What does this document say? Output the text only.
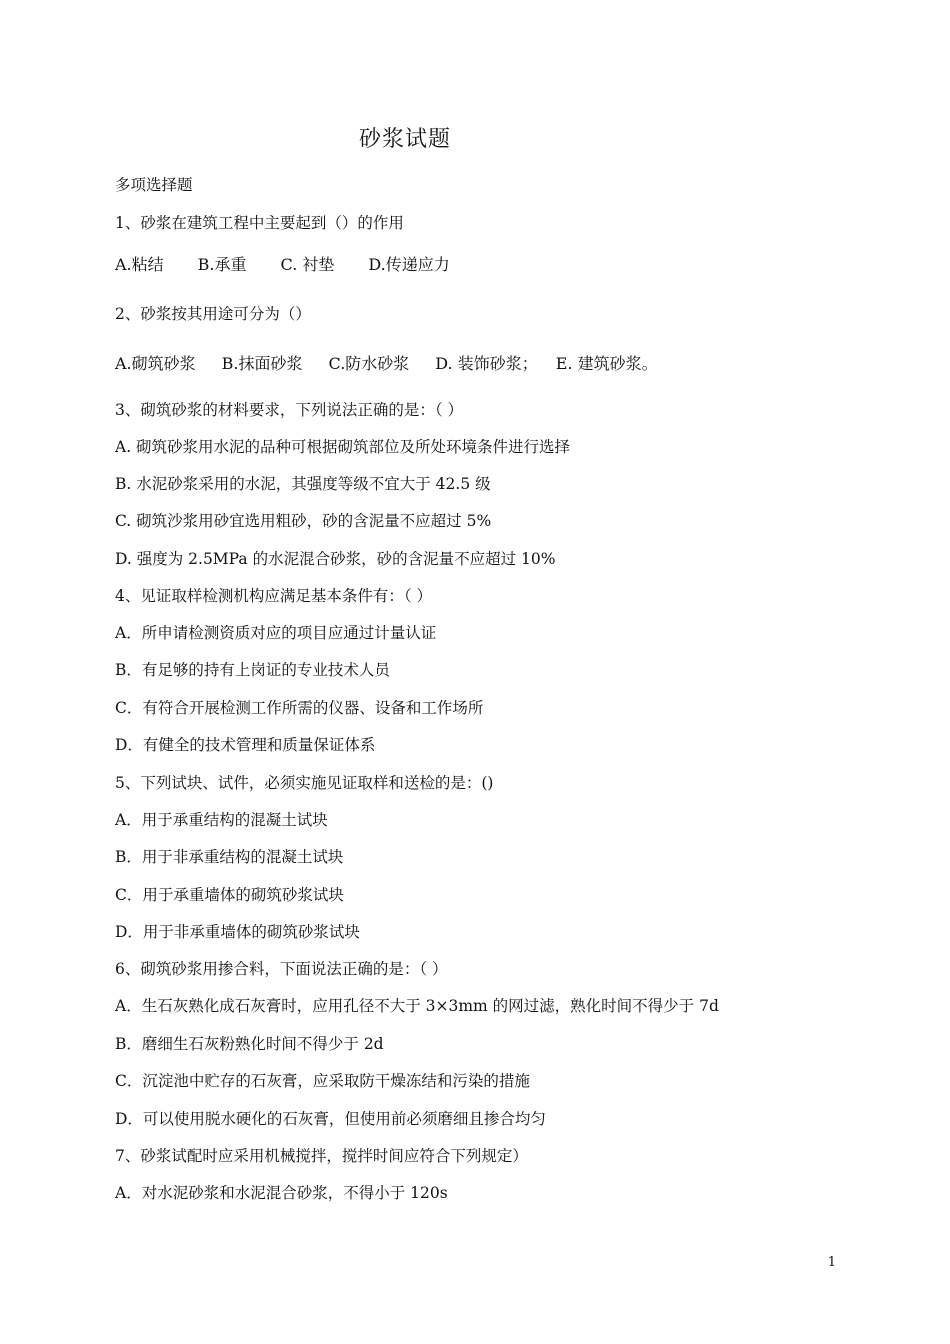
砂浆试题
多项选择题
1、砂浆在建筑工程中主要起到（）的作用
A.粘结 B.承重 C. 衬垫 D.传递应力
2、砂浆按其用途可分为（）
A.砌筑砂浆 B.抹面砂浆 C.防水砂浆 D. 装饰砂浆； E. 建筑砂浆。
3、砌筑砂浆的材料要求，下列说法正确的是：（ ）
A. 砌筑砂浆用水泥的品种可根据砌筑部位及所处环境条件进行选择
B. 水泥砂浆采用的水泥，其强度等级不宜大于 42.5 级
C. 砌筑沙浆用砂宜选用粗砂，砂的含泥量不应超过 5%
D. 强度为 2.5MPa 的水泥混合砂浆，砂的含泥量不应超过 10%
4、见证取样检测机构应满足基本条件有：（ ）
A．所申请检测资质对应的项目应通过计量认证
B．有足够的持有上岗证的专业技术人员
C．有符合开展检测工作所需的仪器、设备和工作场所
D．有健全的技术管理和质量保证体系
5、下列试块、试件，必须实施见证取样和送检的是：()
A．用于承重结构的混凝土试块
B．用于非承重结构的混凝土试块
C．用于承重墙体的砌筑砂浆试块
D．用于非承重墙体的砌筑砂浆试块
6、砌筑砂浆用掺合料，下面说法正确的是：（ ）
A．生石灰熟化成石灰膏时，应用孔径不大于 3×3mm 的网过滤，熟化时间不得少于 7d
B．磨细生石灰粉熟化时间不得少于 2d
C．沉淀池中贮存的石灰膏，应采取防干燥冻结和污染的措施
D．可以使用脱水硬化的石灰膏，但使用前必须磨细且掺合均匀
7、砂浆试配时应采用机械搅拌，搅拌时间应符合下列规定）
A．对水泥砂浆和水泥混合砂浆，不得小于 120s
1
